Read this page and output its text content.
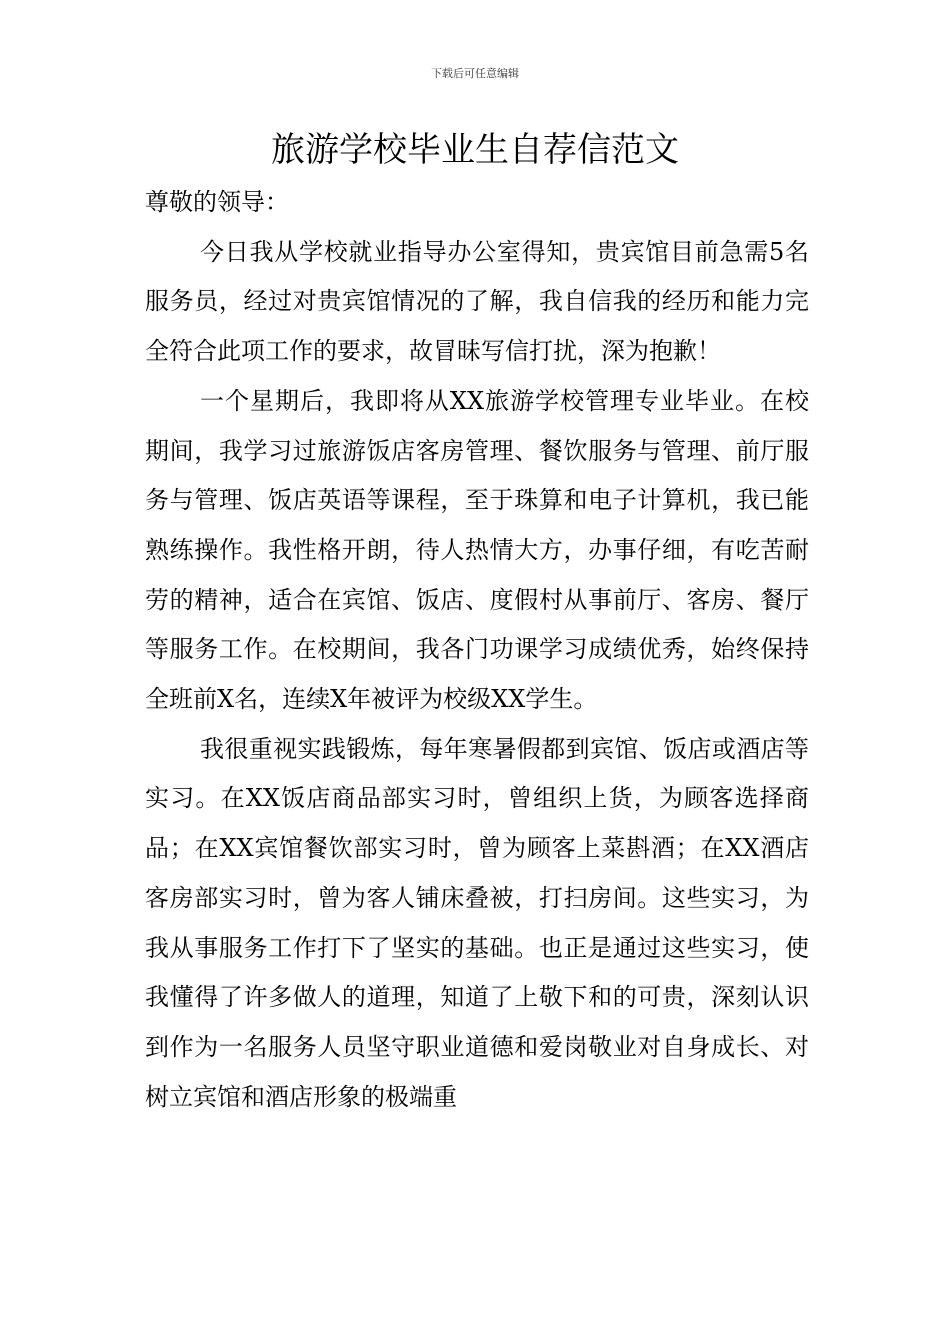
下载后可任意编辑
旅游学校毕业生自荐信范文

尊敬的领导：

今日我从学校就业指导办公室得知，贵宾馆目前急需5名服务员，经过对贵宾馆情况的了解，我自信我的经历和能力完全符合此项工作的要求，故冒昧写信打扰，深为抱歉！

一个星期后，我即将从XX旅游学校管理专业毕业。在校期间，我学习过旅游饭店客房管理、餐饮服务与管理、前厅服务与管理、饭店英语等课程，至于珠算和电子计算机，我已能熟练操作。我性格开朗，待人热情大方，办事仔细，有吃苦耐劳的精神，适合在宾馆、饭店、度假村从事前厅、客房、餐厅等服务工作。在校期间，我各门功课学习成绩优秀，始终保持全班前X名，连续X年被评为校级XX学生。

我很重视实践锻炼，每年寒暑假都到宾馆、饭店或酒店等实习。在XX饭店商品部实习时，曾组织上货，为顾客选择商品；在XX宾馆餐饮部实习时，曾为顾客上菜斟酒；在XX酒店客房部实习时，曾为客人铺床叠被，打扫房间。这些实习，为我从事服务工作打下了坚实的基础。也正是通过这些实习，使我懂得了许多做人的道理，知道了上敬下和的可贵，深刻认识到作为一名服务人员坚守职业道德和爱岗敬业对自身成长、对树立宾馆和酒店形象的极端重
